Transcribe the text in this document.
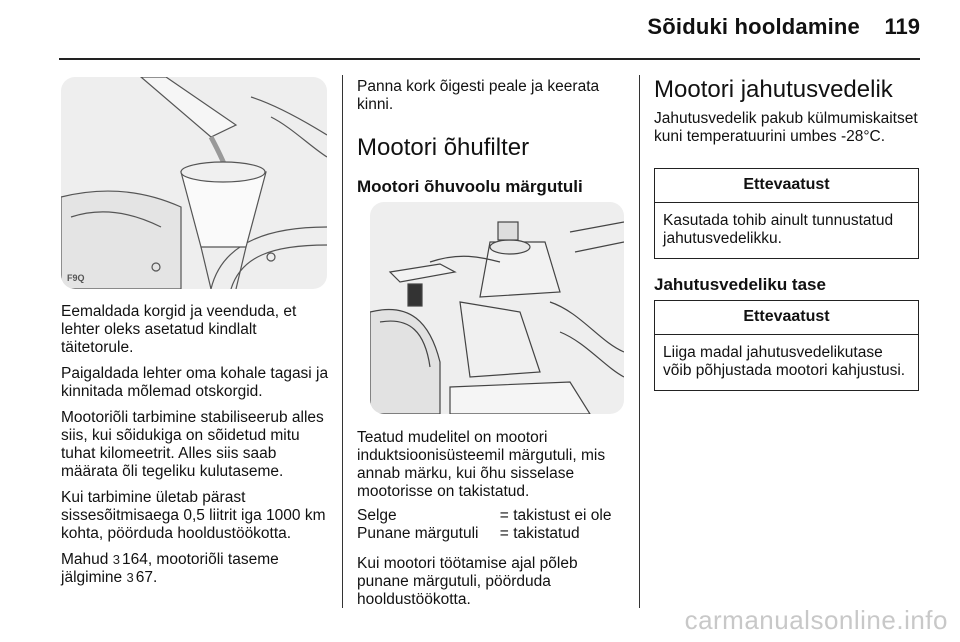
Sõiduki hooldamine	119
F9Q

Eemaldada korgid ja veenduda, et lehter oleks asetatud kindlalt täitetorule.

Paigaldada lehter oma kohale tagasi ja kinnitada mõlemad otskorgid.

Mootoriõli tarbimine stabiliseerub alles siis, kui sõidukiga on sõidetud mitu tuhat kilomeetrit. Alles siis saab määrata õli tegeliku kulutaseme.

Kui tarbimine ületab pärast sissesõitmisaega 0,5 liitrit iga 1000 km kohta, pöörduda hooldustöökotta.

Mahud 3 164, mootoriõli taseme jälgimine 3 67.

Panna kork õigesti peale ja keerata kinni.

Mootori õhufilter
Mootori õhuvoolu märgutuli

Teatud mudelitel on mootori induktsioonisüsteemil märgutuli, mis annab märku, kui õhu sisselase mootorisse on takistatud.

Selge	=	takistust ei ole
Punane märgutuli	=	takistatud

Kui mootori töötamise ajal põleb punane märgutuli, pöörduda hooldustöökotta.

Mootori jahutusvedelik

Jahutusvedelik pakub külmumiskaitset kuni temperatuurini umbes -28°C.

Ettevaatust
Kasutada tohib ainult tunnustatud jahutusvedelikku.
Jahutusvedeliku tase
Ettevaatust
Liiga madal jahutusvedelikutase võib põhjustada mootori kahjustusi.
carmanualsonline.info
